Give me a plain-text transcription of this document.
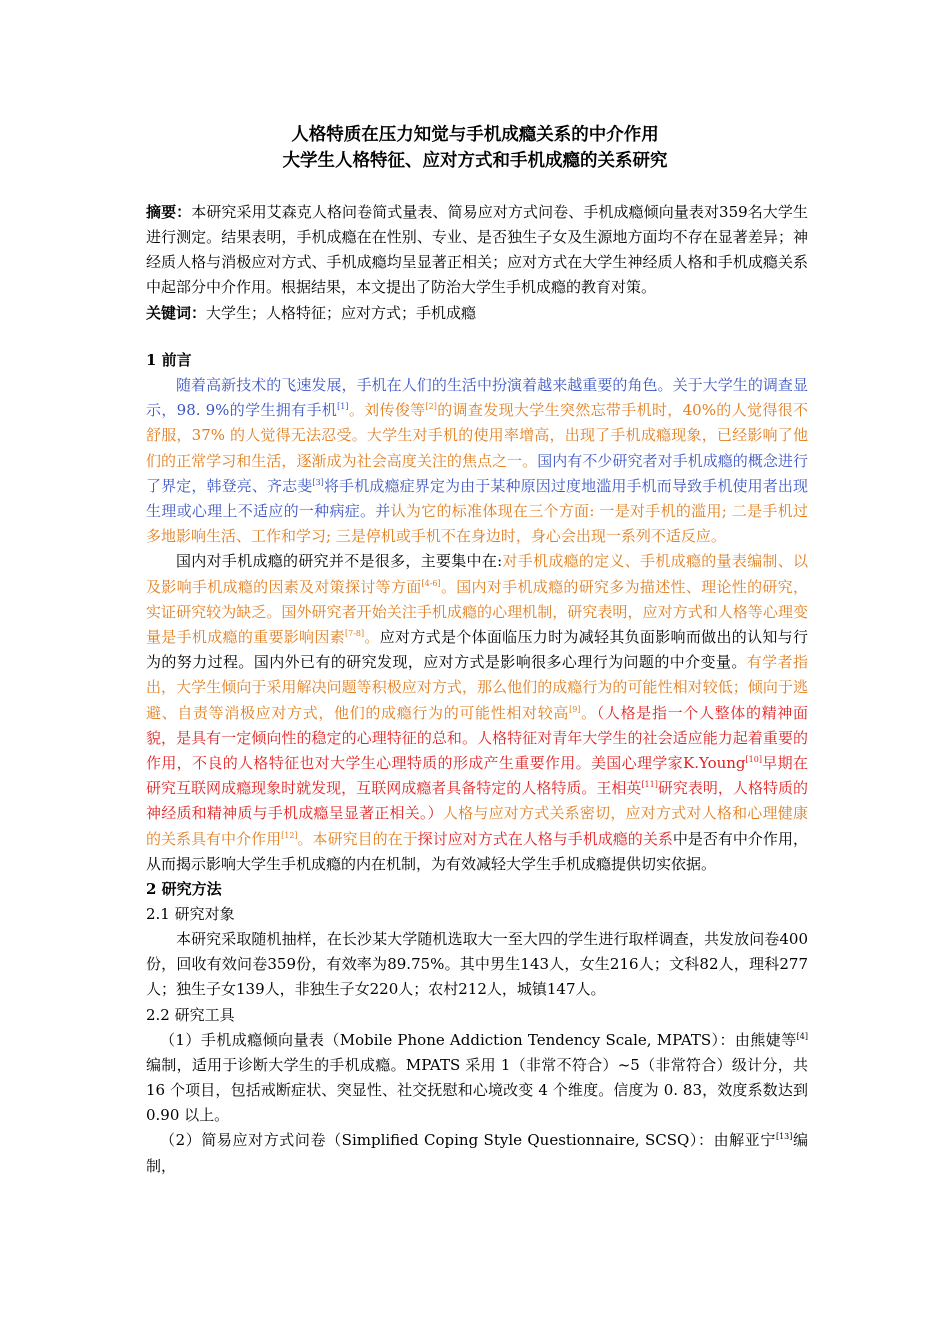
人格特质在压力知觉与手机成瘾关系的中介作用

大学生人格特征、应对方式和手机成瘾的关系研究

摘要：本研究采用艾森克人格问卷简式量表、简易应对方式问卷、手机成瘾倾向量表对359名大学生进行测定。结果表明，手机成瘾在在性别、专业、是否独生子女及生源地方面均不存在显著差异；神经质人格与消极应对方式、手机成瘾均呈显著正相关；应对方式在大学生神经质人格和手机成瘾关系中起部分中介作用。根据结果，本文提出了防治大学生手机成瘾的教育对策。

关键词：大学生；人格特征；应对方式；手机成瘾

1 前言

随着高新技术的飞速发展，手机在人们的生活中扮演着越来越重要的角色。关于大学生的调查显示，98. 9%的学生拥有手机[1]。刘传俊等[2]的调查发现大学生突然忘带手机时，40%的人觉得很不舒服，37% 的人觉得无法忍受。大学生对手机的使用率增高，出现了手机成瘾现象，已经影响了他们的正常学习和生活，逐渐成为社会高度关注的焦点之一。国内有不少研究者对手机成瘾的概念进行了界定，韩登亮、齐志斐[3]将手机成瘾症界定为由于某种原因过度地滥用手机而导致手机使用者出现生理或心理上不适应的一种病症。并认为它的标准体现在三个方面: 一是对手机的滥用; 二是手机过多地影响生活、工作和学习; 三是停机或手机不在身边时，身心会出现一系列不适反应。

国内对手机成瘾的研究并不是很多，主要集中在:对手机成瘾的定义、手机成瘾的量表编制、以及影响手机成瘾的因素及对策探讨等方面[4-6]。国内对手机成瘾的研究多为描述性、理论性的研究，实证研究较为缺乏。国外研究者开始关注手机成瘾的心理机制，研究表明，应对方式和人格等心理变量是手机成瘾的重要影响因素[7-8]。应对方式是个体面临压力时为减轻其负面影响而做出的认知与行为的努力过程。国内外已有的研究发现，应对方式是影响很多心理行为问题的中介变量。有学者指出，大学生倾向于采用解决问题等积极应对方式，那么他们的成瘾行为的可能性相对较低；倾向于逃避、自责等消极应对方式，他们的成瘾行为的可能性相对较高[9]。（人格是指一个人整体的精神面貌，是具有一定倾向性的稳定的心理特征的总和。人格特征对青年大学生的社会适应能力起着重要的作用，不良的人格特征也对大学生心理特质的形成产生重要作用。美国心理学家K.Young[10]早期在研究互联网成瘾现象时就发现，互联网成瘾者具备特定的人格特质。王相英[11]研究表明，人格特质的神经质和精神质与手机成瘾呈显著正相关。）人格与应对方式关系密切，应对方式对人格和心理健康的关系具有中介作用[12]。本研究目的在于探讨应对方式在人格与手机成瘾的关系中是否有中介作用，从而揭示影响大学生手机成瘾的内在机制，为有效减轻大学生手机成瘾提供切实依据。

2 研究方法

2.1 研究对象

本研究采取随机抽样，在长沙某大学随机选取大一至大四的学生进行取样调查，共发放问卷400份，回收有效问卷359份，有效率为89.75%。其中男生143人，女生216人；文科82人，理科277人；独生子女139人，非独生子女220人；农村212人，城镇147人。

2.2 研究工具

（1）手机成瘾倾向量表（Mobile Phone Addiction Tendency Scale, MPATS）：由熊婕等[4]编制，适用于诊断大学生的手机成瘾。MPATS 采用 1（非常不符合）~5（非常符合）级计分，共 16 个项目，包括戒断症状、突显性、社交抚慰和心境改变 4 个维度。信度为 0. 83，效度系数达到 0.90 以上。

（2）简易应对方式问卷（Simplified Coping Style Questionnaire, SCSQ）：由解亚宁[13]编制，
